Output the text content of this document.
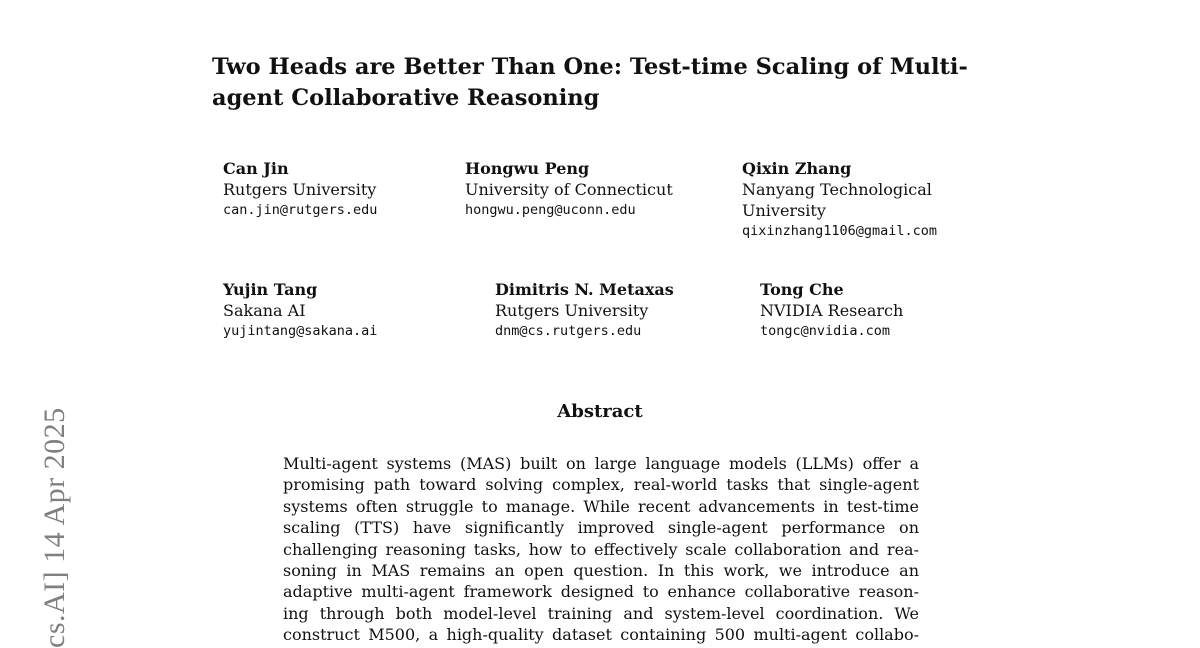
cs.AI] 14 Apr 2025
Two Heads are Better Than One: Test-time Scaling of Multi-agent Collaborative Reasoning
Can Jin
Rutgers University
can.jin@rutgers.edu
Hongwu Peng
University of Connecticut
hongwu.peng@uconn.edu
Qixin Zhang
Nanyang Technological University
qixinzhang1106@gmail.com
Yujin Tang
Sakana AI
yujintang@sakana.ai
Dimitris N. Metaxas
Rutgers University
dnm@cs.rutgers.edu
Tong Che
NVIDIA Research
tongc@nvidia.com
Abstract
Multi-agent systems (MAS) built on large language models (LLMs) offer a
promising path toward solving complex, real-world tasks that single-agent
systems often struggle to manage. While recent advancements in test-time
scaling (TTS) have significantly improved single-agent performance on
challenging reasoning tasks, how to effectively scale collaboration and rea-
soning in MAS remains an open question. In this work, we introduce an
adaptive multi-agent framework designed to enhance collaborative reason-
ing through both model-level training and system-level coordination. We
construct M500, a high-quality dataset containing 500 multi-agent collabo-
